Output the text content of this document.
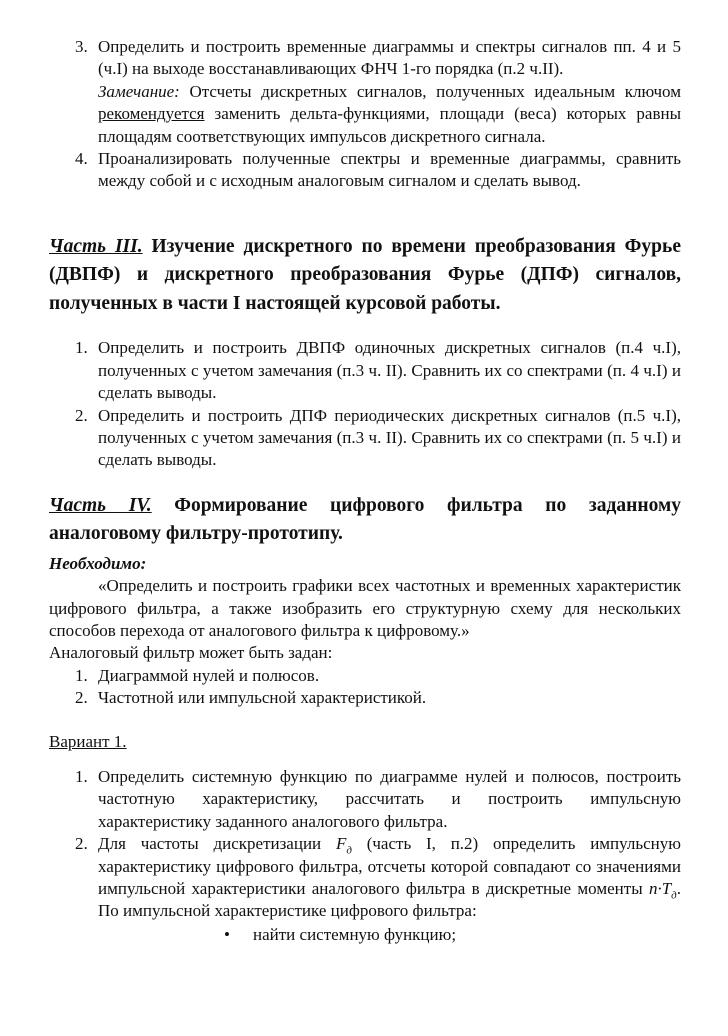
3. Определить и построить временные диаграммы и спектры сигналов пп. 4 и 5 (ч.I) на выходе восстанавливающих ФНЧ 1-го порядка (п.2 ч.II).
Замечание: Отсчеты дискретных сигналов, полученных идеальным ключом рекомендуется заменить дельта-функциями, площади (веса) которых равны площадям соответствующих импульсов дискретного сигнала.
4. Проанализировать полученные спектры и временные диаграммы, сравнить между собой и с исходным аналоговым сигналом и сделать вывод.
Часть III. Изучение дискретного по времени преобразования Фурье (ДВПФ) и дискретного преобразования Фурье (ДПФ) сигналов, полученных в части I настоящей курсовой работы.
1. Определить и построить ДВПФ одиночных дискретных сигналов (п.4 ч.I), полученных с учетом замечания (п.3 ч. II). Сравнить их со спектрами (п. 4 ч.I) и сделать выводы.
2. Определить и построить ДПФ периодических дискретных сигналов (п.5 ч.I), полученных с учетом замечания (п.3 ч. II). Сравнить их со спектрами (п. 5 ч.I) и сделать выводы.
Часть IV. Формирование цифрового фильтра по заданному аналоговому фильтру-прототипу.
Необходимо:
«Определить и построить графики всех частотных и временных характеристик цифрового фильтра, а также изобразить его структурную схему для нескольких способов перехода от аналогового фильтра к цифровому.»
Аналоговый фильтр может быть задан:
1. Диаграммой нулей и полюсов.
2. Частотной или импульсной характеристикой.
Вариант 1.
1. Определить системную функцию по диаграмме нулей и полюсов, построить частотную характеристику, рассчитать и построить импульсную характеристику заданного аналогового фильтра.
2. Для частоты дискретизации $F_д$ (часть I, п.2) определить импульсную характеристику цифрового фильтра, отсчеты которой совпадают со значениями импульсной характеристики аналогового фильтра в дискретные моменты $n\cdot T_д$. По импульсной характеристике цифрового фильтра:
• найти системную функцию;
